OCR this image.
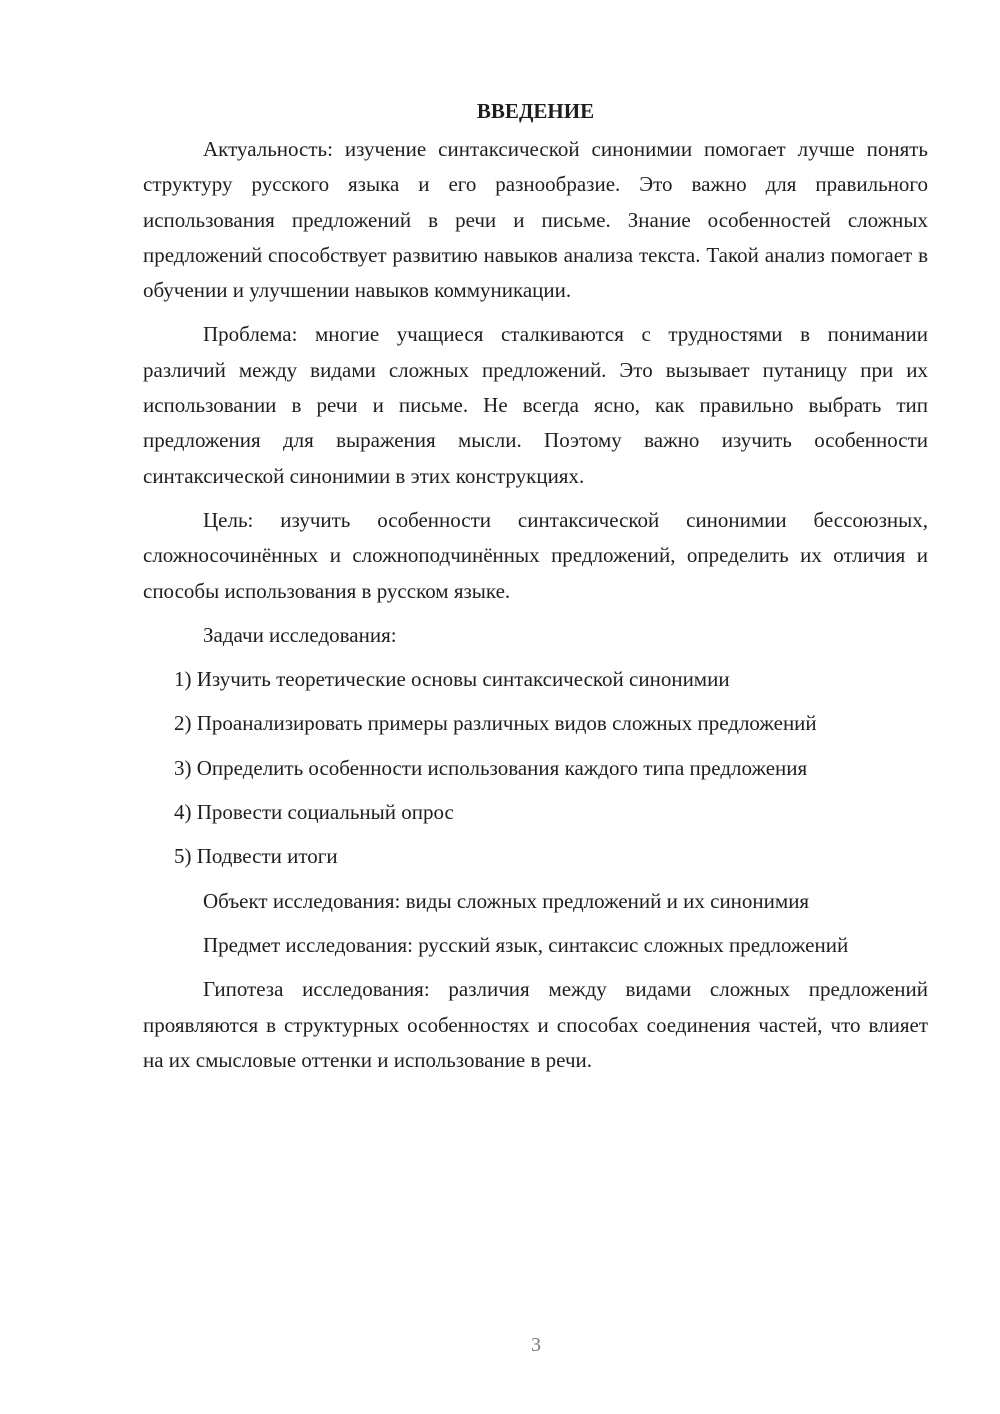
ВВЕДЕНИЕ

Актуальность: изучение синтаксической синонимии помогает лучше понять структуру русского языка и его разнообразие. Это важно для правильного использования предложений в речи и письме. Знание особенностей сложных предложений способствует развитию навыков анализа текста. Такой анализ помогает в обучении и улучшении навыков коммуникации.

Проблема: многие учащиеся сталкиваются с трудностями в понимании различий между видами сложных предложений. Это вызывает путаницу при их использовании в речи и письме. Не всегда ясно, как правильно выбрать тип предложения для выражения мысли. Поэтому важно изучить особенности синтаксической синонимии в этих конструкциях.

Цель: изучить особенности синтаксической синонимии бессоюзных, сложносочинённых и сложноподчинённых предложений, определить их отличия и способы использования в русском языке.

Задачи исследования:

1) Изучить теоретические основы синтаксической синонимии

2) Проанализировать примеры различных видов сложных предложений

3) Определить особенности использования каждого типа предложения

4) Провести социальный опрос

5) Подвести итоги

Объект исследования: виды сложных предложений и их синонимия

Предмет исследования: русский язык, синтаксис сложных предложений

Гипотеза исследования: различия между видами сложных предложений проявляются в структурных особенностях и способах соединения частей, что влияет на их смысловые оттенки и использование в речи.

3
